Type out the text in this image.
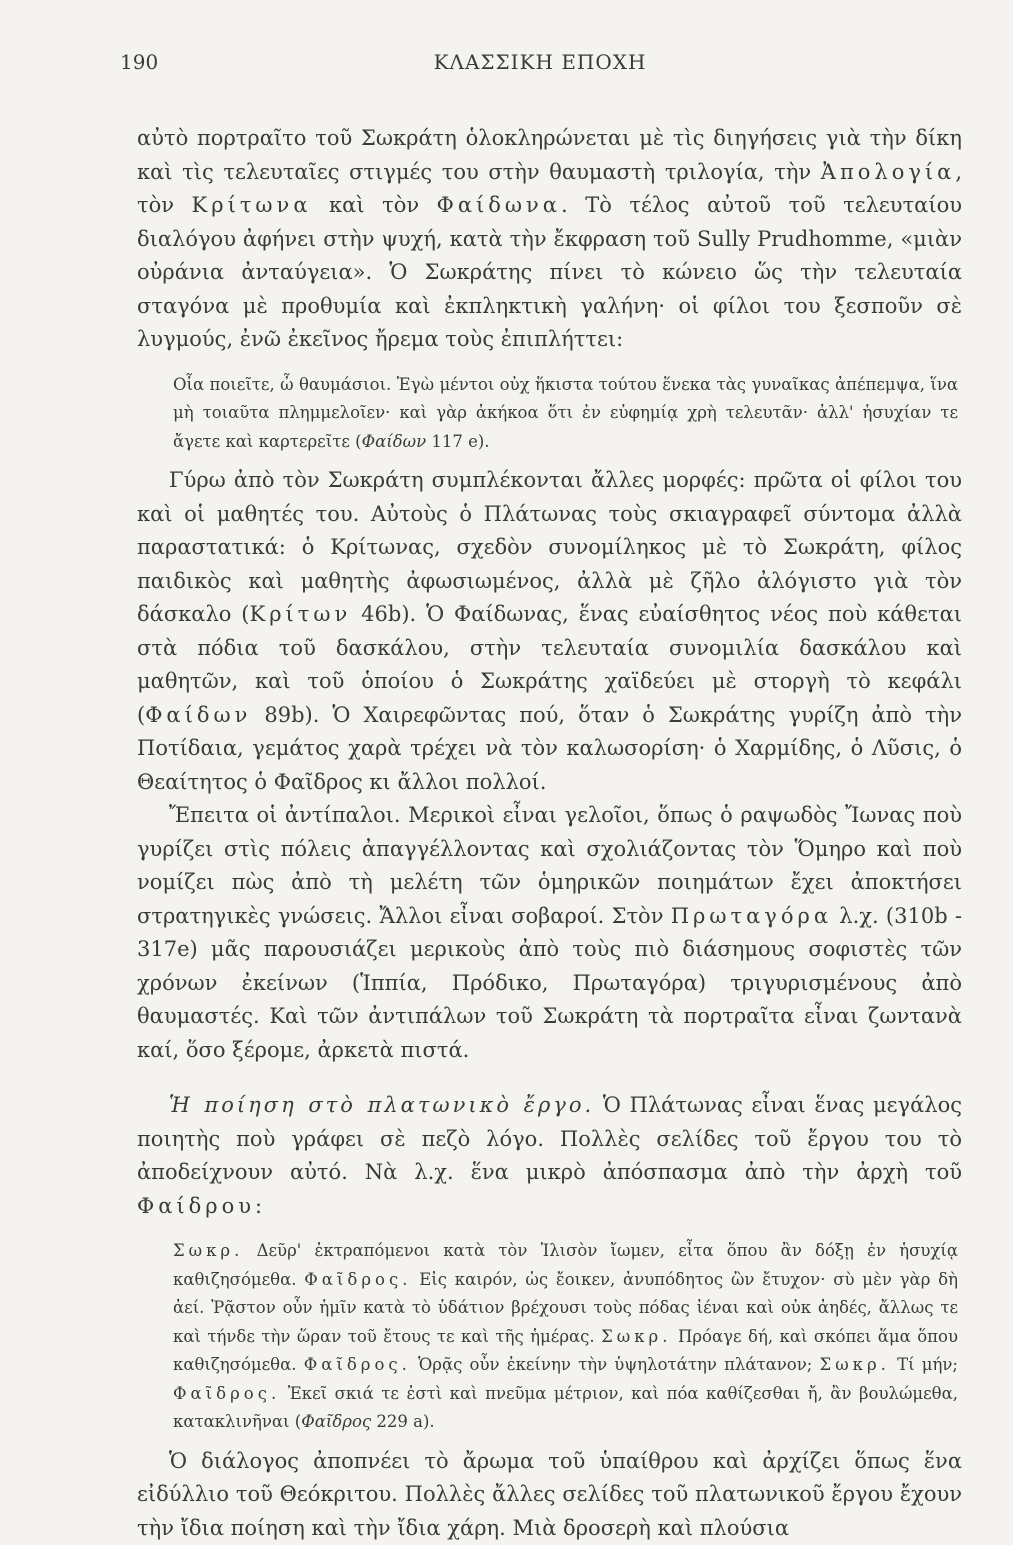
190	ΚΛΑΣΣΙΚΗ ΕΠΟΧΗ

αὐτὸ πορτραῖτο τοῦ Σωκράτη ὁλοκληρώνεται μὲ τὶς διηγήσεις γιὰ τὴν δίκη καὶ τὶς τελευταῖες στιγμές του στὴν θαυμαστὴ τριλογία, τὴν Ἀπολογία, τὸν Κρίτωνα καὶ τὸν Φαίδωνα. Τὸ τέλος αὐτοῦ τοῦ τελευταίου διαλόγου ἀφήνει στὴν ψυχή, κατὰ τὴν ἔκφραση τοῦ Sully Prudhomme, «μιὰν οὐράνια ἀνταύγεια». Ὁ Σωκράτης πίνει τὸ κώνειο ὥς τὴν τελευταία σταγόνα μὲ προθυμία καὶ ἐκπληκτικὴ γαλήνη· οἱ φίλοι του ξεσποῦν σὲ λυγμούς, ἐνῶ ἐκεῖνος ἤρεμα τοὺς ἐπιπλήττει:

Οἷα ποιεῖτε, ὦ θαυμάσιοι. Ἐγὼ μέντοι οὐχ ἥκιστα τούτου ἕνεκα τὰς γυναῖκας ἀπέπεμψα, ἵνα μὴ τοιαῦτα πλημμελοῖεν· καὶ γὰρ ἀκήκοα ὅτι ἐν εὐφημίᾳ χρὴ τελευτᾶν· ἀλλ' ἡσυχίαν τε ἄγετε καὶ καρτερεῖτε (Φαίδων 117 e).

Γύρω ἀπὸ τὸν Σωκράτη συμπλέκονται ἄλλες μορφές: πρῶτα οἱ φίλοι του καὶ οἱ μαθητές του. Αὐτοὺς ὁ Πλάτωνας τοὺς σκιαγραφεῖ σύντομα ἀλλὰ παραστατικά: ὁ Κρίτωνας, σχεδὸν συνομίληκος μὲ τὸ Σωκράτη, φίλος παιδικὸς καὶ μαθητὴς ἀφωσιωμένος, ἀλλὰ μὲ ζῆλο ἀλόγιστο γιὰ τὸν δάσκαλο (Κρίτων 46b). Ὁ Φαίδωνας, ἕνας εὐαίσθητος νέος ποὺ κάθεται στὰ πόδια τοῦ δασκάλου, στὴν τελευταία συνομιλία δασκάλου καὶ μαθητῶν, καὶ τοῦ ὁποίου ὁ Σωκράτης χαϊδεύει μὲ στοργὴ τὸ κεφάλι (Φαίδων 89b). Ὁ Χαιρεφῶντας πού, ὅταν ὁ Σωκράτης γυρίζη ἀπὸ τὴν Ποτίδαια, γεμάτος χαρὰ τρέχει νὰ τὸν καλωσορίση· ὁ Χαρμίδης, ὁ Λῦσις, ὁ Θεαίτητος ὁ Φαῖδρος κι ἄλλοι πολλοί.

Ἔπειτα οἱ ἀντίπαλοι. Μερικοὶ εἶναι γελοῖοι, ὅπως ὁ ραψωδὸς Ἴωνας ποὺ γυρίζει στὶς πόλεις ἀπαγγέλλοντας καὶ σχολιάζοντας τὸν Ὅμηρο καὶ ποὺ νομίζει πὼς ἀπὸ τὴ μελέτη τῶν ὁμηρικῶν ποιημάτων ἔχει ἀποκτήσει στρατηγικὲς γνώσεις. Ἄλλοι εἶναι σοβαροί. Στὸν Πρωταγόρα λ.χ. (310b - 317e) μᾶς παρουσιάζει μερικοὺς ἀπὸ τοὺς πιὸ διάσημους σοφιστὲς τῶν χρόνων ἐκείνων (Ἱππία, Πρόδικο, Πρωταγόρα) τριγυρισμένους ἀπὸ θαυμαστές. Καὶ τῶν ἀντιπάλων τοῦ Σωκράτη τὰ πορτραῖτα εἶναι ζωντανὰ καί, ὅσο ξέρομε, ἀρκετὰ πιστά.

Ἡ ποίηση στὸ πλατωνικὸ ἔργο. Ὁ Πλάτωνας εἶναι ἕνας μεγάλος ποιητὴς ποὺ γράφει σὲ πεζὸ λόγο. Πολλὲς σελίδες τοῦ ἔργου του τὸ ἀποδείχνουν αὐτό. Νὰ λ.χ. ἕνα μικρὸ ἀπόσπασμα ἀπὸ τὴν ἀρχὴ τοῦ Φαίδρου:

Σωκρ. Δεῦρ' ἐκτραπόμενοι κατὰ τὸν Ἰλισὸν ἴωμεν, εἶτα ὅπου ἂν δόξῃ ἐν ἡσυχίᾳ καθιζησόμεθα. Φαῖδρος. Εἰς καιρόν, ὡς ἔοικεν, ἀνυπόδητος ὢν ἔτυχον· σὺ μὲν γὰρ δὴ ἀεί. Ῥᾷστον οὖν ἡμῖν κατὰ τὸ ὑδάτιον βρέχουσι τοὺς πόδας ἰέναι καὶ οὐκ ἀηδές, ἄλλως τε καὶ τήνδε τὴν ὥραν τοῦ ἔτους τε καὶ τῆς ἡμέρας. Σωκρ. Πρόαγε δή, καὶ σκόπει ἅμα ὅπου καθιζησόμεθα. Φαῖδρος. Ὁρᾷς οὖν ἐκείνην τὴν ὑψηλοτάτην πλάτανον; Σωκρ. Τί μήν; Φαῖδρος. Ἐκεῖ σκιά τε ἐστὶ καὶ πνεῦμα μέτριον, καὶ πόα καθίζεσθαι ἤ, ἂν βουλώμεθα, κατακλινῆναι (Φαῖδρος 229 a).

Ὁ διάλογος ἀποπνέει τὸ ἄρωμα τοῦ ὑπαίθρου καὶ ἀρχίζει ὅπως ἕνα εἰδύλλιο τοῦ Θεόκριτου. Πολλὲς ἄλλες σελίδες τοῦ πλατωνικοῦ ἔργου ἔχουν τὴν ἴδια ποίηση καὶ τὴν ἴδια χάρη. Μιὰ δροσερὴ καὶ πλούσια
